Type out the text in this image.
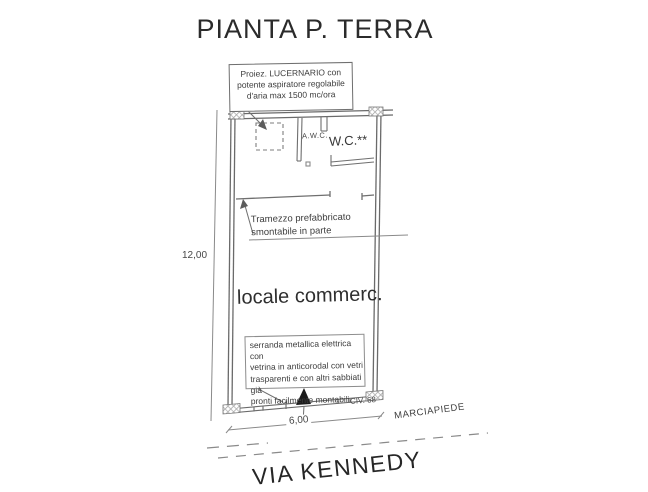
PIANTA P. TERRA
Proiez. LUCERNARIO con
potente aspiratore regolabile
d'aria max 1500 mc/ora
A.W.C. W.C.**
locale commerc.
Tramezzo prefabbricato
smontabile in parte
serranda metallica elettrica con
vetrina in anticorodal con vetri
trasparenti e con altri sabbiati già
pronti facilmente montabili
12,00
6,00
CIV. 68
MARCIAPIEDE
VIA KENNEDY
